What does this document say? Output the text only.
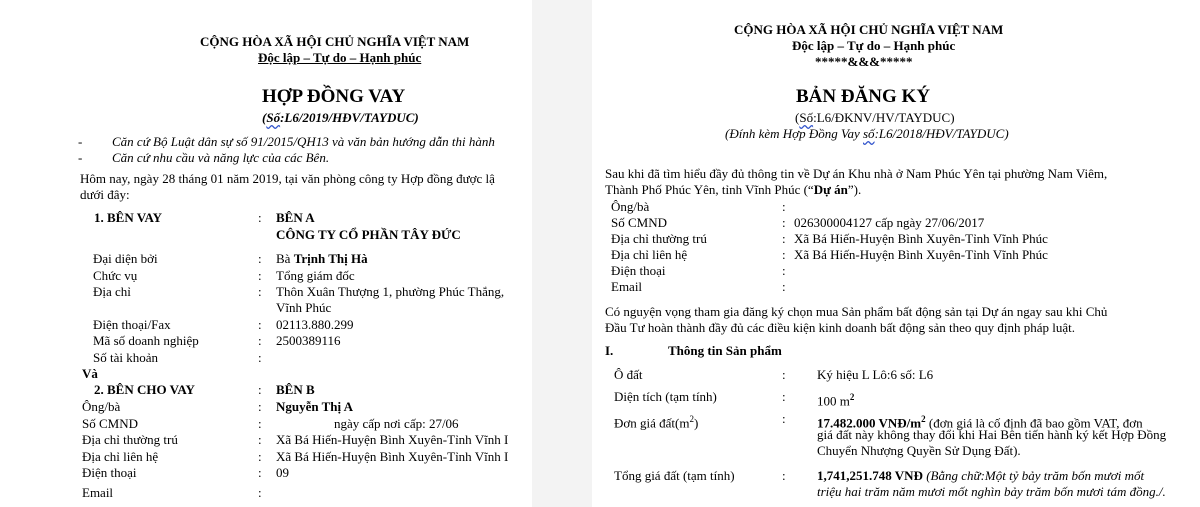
CỘNG HÒA XÃ HỘI CHỦ NGHĨA VIỆT NAM
Độc lập – Tự do – Hạnh phúc
HỢP ĐỒNG VAY
(Số:L6/2019/HĐV/TAYDUC)
- Căn cứ Bộ Luật dân sự số 91/2015/QH13 và văn bản hướng dẫn thi hành
- Căn cứ nhu cầu và năng lực của các Bên.
Hôm nay, ngày 28 tháng 01 năm 2019, tại văn phòng công ty Hợp đồng được lậ
dưới đây:
1. BÊN VAY	: BÊN A
CÔNG TY CỔ PHẦN TÂY ĐỨC
Đại diện bởi	: Bà Trịnh Thị Hà
Chức vụ	: Tổng giám đốc
Địa chỉ	: Thôn Xuân Thượng 1, phường Phúc Thắng,
Vĩnh Phúc
Điện thoại/Fax	: 02113.880.299
Mã số doanh nghiệp	: 2500389116
Số tài khoản	:
Và
2. BÊN CHO VAY	: BÊN B
Ông/bà	: Nguyễn Thị A
Số CMND	:	ngày cấp nơi cấp: 27/06
Địa chỉ thường trú	: Xã Bá Hiến-Huyện Bình Xuyên-Tỉnh Vĩnh I
Địa chỉ liên hệ	: Xã Bá Hiến-Huyện Bình Xuyên-Tỉnh Vĩnh I
Điện thoại	: 09
Email	:
CỘNG HÒA XÃ HỘI CHỦ NGHĨA VIỆT NAM
Độc lập – Tự do – Hạnh phúc
*****&&&*****
BẢN ĐĂNG KÝ
(Số:L6/ĐKNV/HV/TAYDUC)
(Đính kèm Hợp Đồng Vay số:L6/2018/HĐV/TAYDUC)
Sau khi đã tìm hiểu đầy đủ thông tin về Dự án Khu nhà ở Nam Phúc Yên tại phường Nam Viêm,
Thành Phố Phúc Yên, tỉnh Vĩnh Phúc (“Dự án”).
Ông/bà	:
Số CMND	: 026300004127 cấp ngày 27/06/2017
Địa chỉ thường trú	: Xã Bá Hiến-Huyện Bình Xuyên-Tỉnh Vĩnh Phúc
Địa chỉ liên hệ	: Xã Bá Hiến-Huyện Bình Xuyên-Tỉnh Vĩnh Phúc
Điện thoại	:
Email	:
Có nguyện vọng tham gia đăng ký chọn mua Sản phẩm bất động sản tại Dự án ngay sau khi Chủ
Đầu Tư hoàn thành đầy đủ các điều kiện kinh doanh bất động sản theo quy định pháp luật.
I.	Thông tin Sản phẩm
Ô đất	: Ký hiệu L Lô:6 số: L6
Diện tích (tạm tính)	: 100 $m^2$
Đơn giá $đất(m^2)$	: 17.482.000 VNĐ/$m^2$ (đơn giá là cố định đã bao gồm VAT, đơn
giá đất này không thay đổi khi Hai Bên tiến hành ký kết Hợp Đồng
Chuyển Nhượng Quyền Sử Dụng Đất).
Tổng giá đất (tạm tính)	: 1,741,251.748 VNĐ (Bằng chữ:Một tỷ bảy trăm bốn mươi mốt
triệu hai trăm năm mươi mốt nghìn bảy trăm bốn mươi tám đồng./.
